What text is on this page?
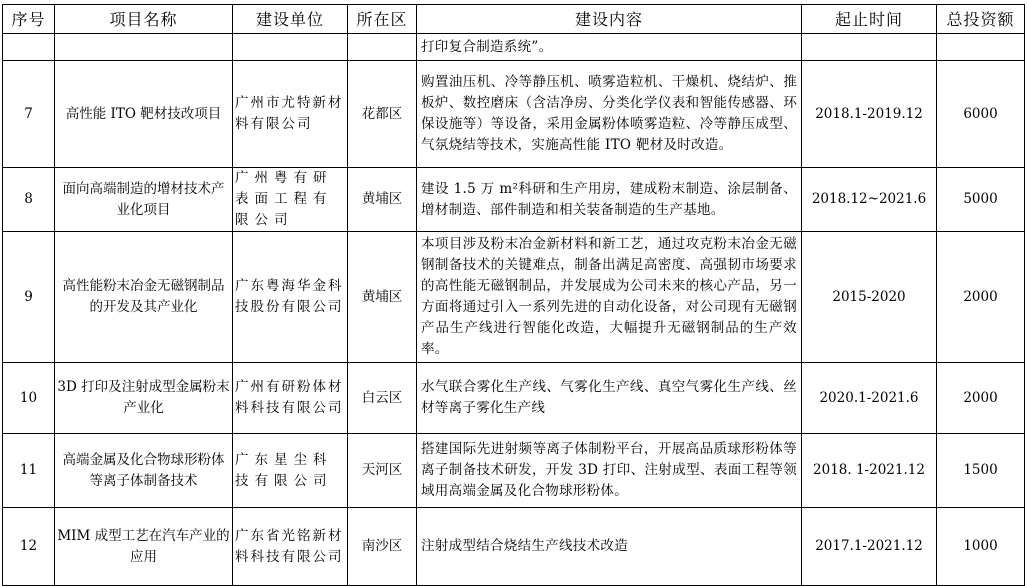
序号	项目名称	建设单位	所在区	建设内容	起止时间	总投资额
				打印复合制造系统”。		
7	高性能 ITO 靶材技改项目	广州市尤特新材料有限公司	花都区	购置油压机、冷等静压机、喷雾造粒机、干燥机、烧结炉、推板炉、数控磨床（含洁净房、分类化学仪表和智能传感器、环保设施等）等设备，采用金属粉体喷雾造粒、冷等静压成型、气氛烧结等技术，实施高性能 ITO 靶材及时改造。	2018.1-2019.12	6000
8	面向高端制造的增材技术产业化项目	广州粤有研表面工程有限公司	黄埔区	建设 1.5 万 m²科研和生产用房，建成粉末制造、涂层制备、增材制造、部件制造和相关装备制造的生产基地。	2018.12~2021.6	5000
9	高性能粉末冶金无磁钢制品的开发及其产业化	广东粤海华金科技股份有限公司	黄埔区	本项目涉及粉末冶金新材料和新工艺，通过攻克粉末冶金无磁钢制备技术的关键难点，制备出满足高密度、高强韧市场要求的高性能无磁钢制品，并发展成为公司未来的核心产品，另一方面将通过引入一系列先进的自动化设备，对公司现有无磁钢产品生产线进行智能化改造，大幅提升无磁钢制品的生产效率。	2015-2020	2000
10	3D 打印及注射成型金属粉末产业化	广州有研粉体材料科技有限公司	白云区	水气联合雾化生产线、气雾化生产线、真空气雾化生产线、丝材等离子雾化生产线	2020.1-2021.6	2000
11	高端金属及化合物球形粉体等离子体制备技术	广东星尘科技有限公司	天河区	搭建国际先进射频等离子体制粉平台，开展高品质球形粉体等离子制备技术研发，开发 3D 打印、注射成型、表面工程等领域用高端金属及化合物球形粉体。	2018. 1-2021.12	1500
12	MIM 成型工艺在汽车产业的应用	广东省光铭新材料科技有限公司	南沙区	注射成型结合烧结生产线技术改造	2017.1-2021.12	1000
